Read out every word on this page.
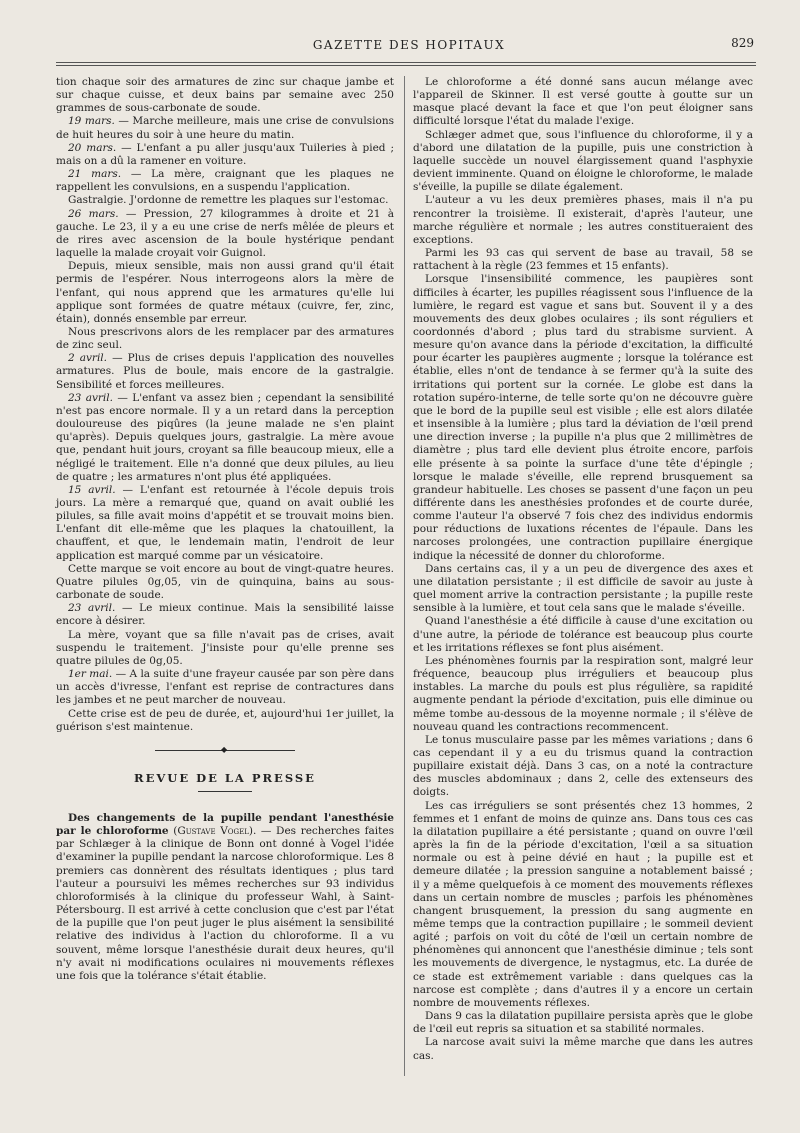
GAZETTE DES HOPITAUX	829

tion chaque soir des armatures de zinc sur chaque jambe et sur chaque cuisse, et deux bains par semaine avec 250 grammes de sous-carbonate de soude.

19 mars. — Marche meilleure, mais une crise de convulsions de huit heures du soir à une heure du matin.

20 mars. — L'enfant a pu aller jusqu'aux Tuileries à pied ; mais on a dû la ramener en voiture.

21 mars. — La mère, craignant que les plaques ne rappellent les convulsions, en a suspendu l'application.

Gastralgie. J'ordonne de remettre les plaques sur l'estomac.

26 mars. — Pression, 27 kilogrammes à droite et 21 à gauche. Le 23, il y a eu une crise de nerfs mêlée de pleurs et de rires avec ascension de la boule hystérique pendant laquelle la malade croyait voir Guignol.

Depuis, mieux sensible, mais non aussi grand qu'il était permis de l'espérer. Nous interrogeons alors la mère de l'enfant, qui nous apprend que les armatures qu'elle lui applique sont formées de quatre métaux (cuivre, fer, zinc, étain), donnés ensemble par erreur.

Nous prescrivons alors de les remplacer par des armatures de zinc seul.

2 avril. — Plus de crises depuis l'application des nouvelles armatures. Plus de boule, mais encore de la gastralgie. Sensibilité et forces meilleures.

23 avril. — L'enfant va assez bien ; cependant la sensibilité n'est pas encore normale. Il y a un retard dans la perception douloureuse des piqûres (la jeune malade ne s'en plaint qu'après). Depuis quelques jours, gastralgie. La mère avoue que, pendant huit jours, croyant sa fille beaucoup mieux, elle a négligé le traitement. Elle n'a donné que deux pilules, au lieu de quatre ; les armatures n'ont plus été appliquées.

15 avril. — L'enfant est retournée à l'école depuis trois jours. La mère a remarqué que, quand on avait oublié les pilules, sa fille avait moins d'appétit et se trouvait moins bien. L'enfant dit elle-même que les plaques la chatouillent, la chauffent, et que, le lendemain matin, l'endroit de leur application est marqué comme par un vésicatoire.

Cette marque se voit encore au bout de vingt-quatre heures. Quatre pilules 0g,05, vin de quinquina, bains au sous-carbonate de soude.

23 avril. — Le mieux continue. Mais la sensibilité laisse encore à désirer.

La mère, voyant que sa fille n'avait pas de crises, avait suspendu le traitement. J'insiste pour qu'elle prenne ses quatre pilules de 0g,05.

1er mai. — A la suite d'une frayeur causée par son père dans un accès d'ivresse, l'enfant est reprise de contractures dans les jambes et ne peut marcher de nouveau.

Cette crise est de peu de durée, et, aujourd'hui 1er juillet, la guérison s'est maintenue.

◆
REVUE DE LA PRESSE

Des changements de la pupille pendant l'anesthésie par le chloroforme (Gustave Vogel). — Des recherches faites par Schlæger à la clinique de Bonn ont donné à Vogel l'idée d'examiner la pupille pendant la narcose chloroformique. Les 8 premiers cas donnèrent des résultats identiques ; plus tard l'auteur a poursuivi les mêmes recherches sur 93 individus chloroformisés à la clinique du professeur Wahl, à Saint-Pétersbourg. Il est arrivé à cette conclusion que c'est par l'état de la pupille que l'on peut juger le plus aisément la sensibilité relative des individus à l'action du chloroforme. Il a vu souvent, même lorsque l'anesthésie durait deux heures, qu'il n'y avait ni modifications oculaires ni mouvements réflexes une fois que la tolérance s'était établie.

Le chloroforme a été donné sans aucun mélange avec l'appareil de Skinner. Il est versé goutte à goutte sur un masque placé devant la face et que l'on peut éloigner sans difficulté lorsque l'état du malade l'exige.

Schlæger admet que, sous l'influence du chloroforme, il y a d'abord une dilatation de la pupille, puis une constriction à laquelle succède un nouvel élargissement quand l'asphyxie devient imminente. Quand on éloigne le chloroforme, le malade s'éveille, la pupille se dilate également.

L'auteur a vu les deux premières phases, mais il n'a pu rencontrer la troisième. Il existerait, d'après l'auteur, une marche régulière et normale ; les autres constitueraient des exceptions.

Parmi les 93 cas qui servent de base au travail, 58 se rattachent à la règle (23 femmes et 15 enfants).

Lorsque l'insensibilité commence, les paupières sont difficiles à écarter, les pupilles réagissent sous l'influence de la lumière, le regard est vague et sans but. Souvent il y a des mouvements des deux globes oculaires ; ils sont réguliers et coordonnés d'abord ; plus tard du strabisme survient. A mesure qu'on avance dans la période d'excitation, la difficulté pour écarter les paupières augmente ; lorsque la tolérance est établie, elles n'ont de tendance à se fermer qu'à la suite des irritations qui portent sur la cornée. Le globe est dans la rotation supéro-interne, de telle sorte qu'on ne découvre guère que le bord de la pupille seul est visible ; elle est alors dilatée et insensible à la lumière ; plus tard la déviation de l'œil prend une direction inverse ; la pupille n'a plus que 2 millimètres de diamètre ; plus tard elle devient plus étroite encore, parfois elle présente à sa pointe la surface d'une tête d'épingle ; lorsque le malade s'éveille, elle reprend brusquement sa grandeur habituelle. Les choses se passent d'une façon un peu différente dans les anesthésies profondes et de courte durée, comme l'auteur l'a observé 7 fois chez des individus endormis pour réductions de luxations récentes de l'épaule. Dans les narcoses prolongées, une contraction pupillaire énergique indique la nécessité de donner du chloroforme.

Dans certains cas, il y a un peu de divergence des axes et une dilatation persistante ; il est difficile de savoir au juste à quel moment arrive la contraction persistante ; la pupille reste sensible à la lumière, et tout cela sans que le malade s'éveille.

Quand l'anesthésie a été difficile à cause d'une excitation ou d'une autre, la période de tolérance est beaucoup plus courte et les irritations réflexes se font plus aisément.

Les phénomènes fournis par la respiration sont, malgré leur fréquence, beaucoup plus irréguliers et beaucoup plus instables. La marche du pouls est plus régulière, sa rapidité augmente pendant la période d'excitation, puis elle diminue ou même tombe au-dessous de la moyenne normale ; il s'élève de nouveau quand les contractions recommencent.

Le tonus musculaire passe par les mêmes variations ; dans 6 cas cependant il y a eu du trismus quand la contraction pupillaire existait déjà. Dans 3 cas, on a noté la contracture des muscles abdominaux ; dans 2, celle des extenseurs des doigts.

Les cas irréguliers se sont présentés chez 13 hommes, 2 femmes et 1 enfant de moins de quinze ans. Dans tous ces cas la dilatation pupillaire a été persistante ; quand on ouvre l'œil après la fin de la période d'excitation, l'œil a sa situation normale ou est à peine dévié en haut ; la pupille est et demeure dilatée ; la pression sanguine a notablement baissé ; il y a même quelquefois à ce moment des mouvements réflexes dans un certain nombre de muscles ; parfois les phénomènes changent brusquement, la pression du sang augmente en même temps que la contraction pupillaire ; le sommeil devient agité ; parfois on voit du côté de l'œil un certain nombre de phénomènes qui annoncent que l'anesthésie diminue ; tels sont les mouvements de divergence, le nystagmus, etc. La durée de ce stade est extrêmement variable : dans quelques cas la narcose est complète ; dans d'autres il y a encore un certain nombre de mouvements réflexes.

Dans 9 cas la dilatation pupillaire persista après que le globe de l'œil eut repris sa situation et sa stabilité normales.

La narcose avait suivi la même marche que dans les autres cas.
